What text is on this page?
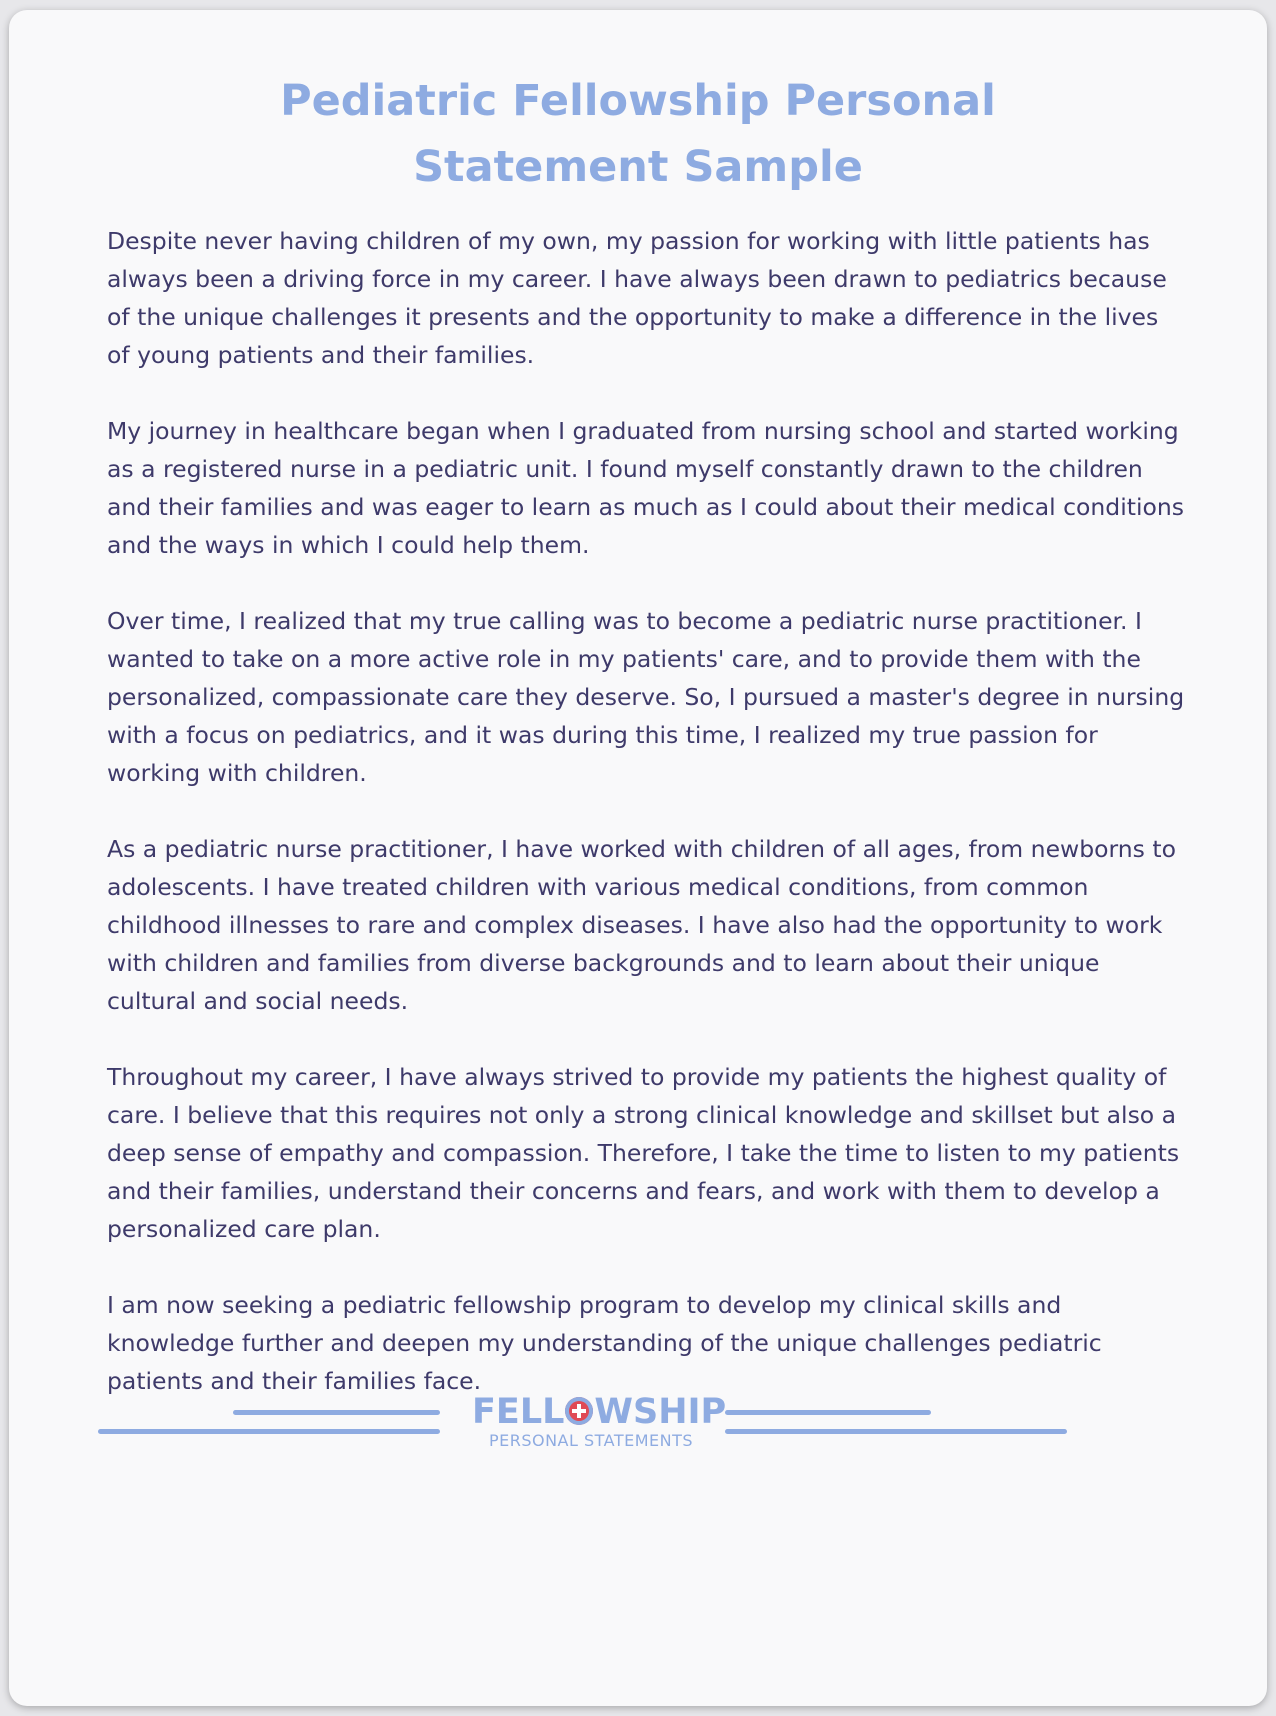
Pediatric Fellowship Personal
Statement Sample

Despite never having children of my own, my passion for working with little patients has always been a driving force in my career. I have always been drawn to pediatrics because of the unique challenges it presents and the opportunity to make a difference in the lives of young patients and their families.

My journey in healthcare began when I graduated from nursing school and started working as a registered nurse in a pediatric unit. I found myself constantly drawn to the children and their families and was eager to learn as much as I could about their medical conditions and the ways in which I could help them.

Over time, I realized that my true calling was to become a pediatric nurse practitioner. I wanted to take on a more active role in my patients' care, and to provide them with the personalized, compassionate care they deserve. So, I pursued a master's degree in nursing with a focus on pediatrics, and it was during this time, I realized my true passion for working with children.

As a pediatric nurse practitioner, I have worked with children of all ages, from newborns to adolescents. I have treated children with various medical conditions, from common childhood illnesses to rare and complex diseases. I have also had the opportunity to work with children and families from diverse backgrounds and to learn about their unique cultural and social needs.

Throughout my career, I have always strived to provide my patients the highest quality of care. I believe that this requires not only a strong clinical knowledge and skillset but also a deep sense of empathy and compassion. Therefore, I take the time to listen to my patients and their families, understand their concerns and fears, and work with them to develop a personalized care plan.

I am now seeking a pediatric fellowship program to develop my clinical skills and knowledge further and deepen my understanding of the unique challenges pediatric patients and their families face.

FELL WSHIP
PERSONAL STATEMENTS
